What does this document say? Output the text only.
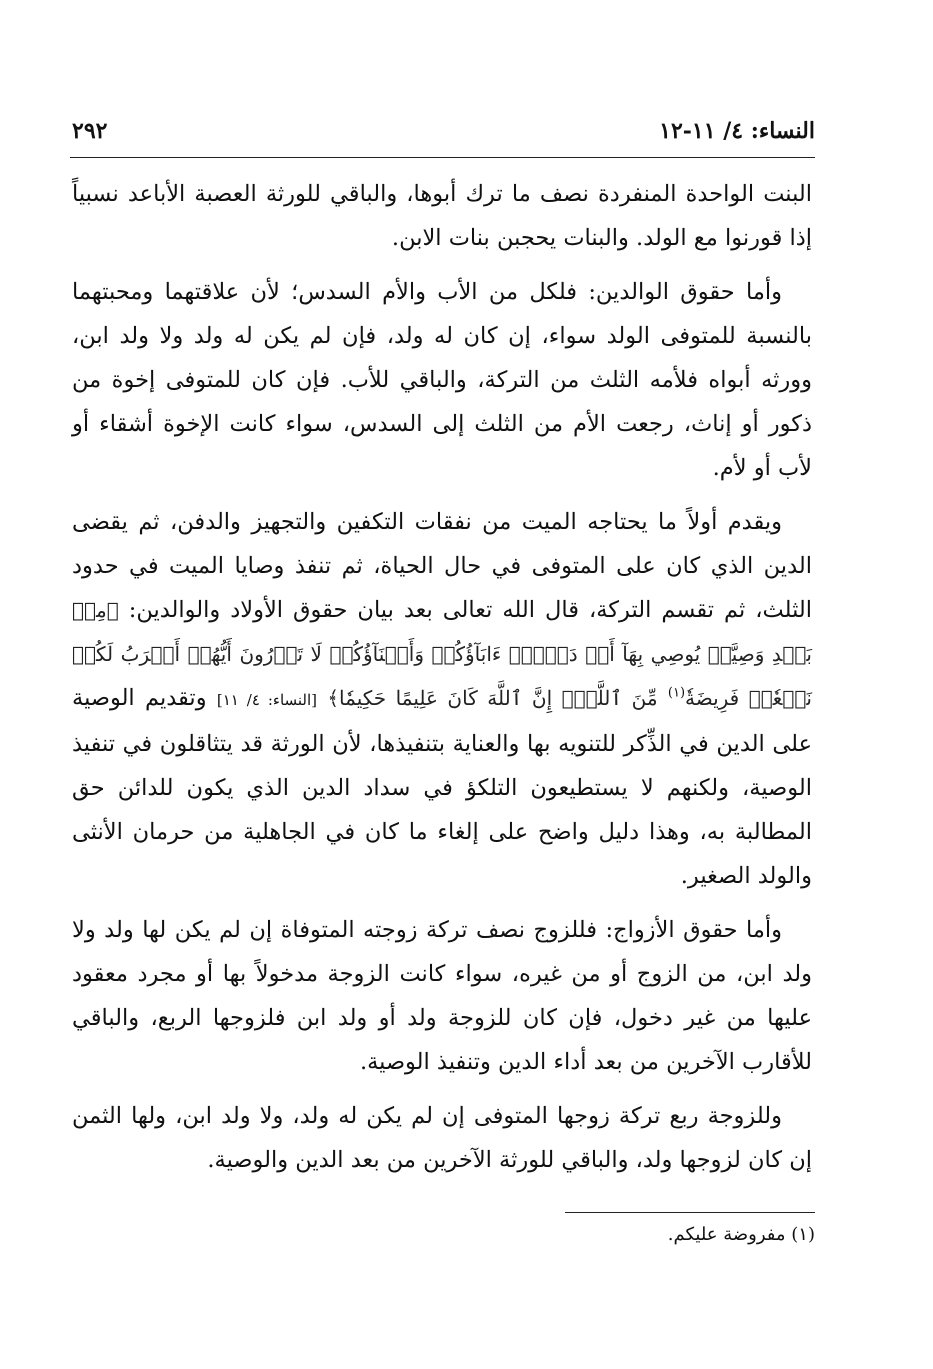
النساء: ٤/ ١١-١٢
٢٩٢

البنت الواحدة المنفردة نصف ما ترك أبوها، والباقي للورثة العصبة الأباعد نسبياً إذا قورنوا مع الولد. والبنات يحجبن بنات الابن.

وأما حقوق الوالدين: فلكل من الأب والأم السدس؛ لأن علاقتهما ومحبتهما بالنسبة للمتوفى الولد سواء، إن كان له ولد، فإن لم يكن له ولد ولا ولد ابن، وورثه أبواه فلأمه الثلث من التركة، والباقي للأب. فإن كان للمتوفى إخوة من ذكور أو إناث، رجعت الأم من الثلث إلى السدس، سواء كانت الإخوة أشقاء أو لأب أو لأم.

ويقدم أولاً ما يحتاجه الميت من نفقات التكفين والتجهيز والدفن، ثم يقضى الدين الذي كان على المتوفى في حال الحياة، ثم تنفذ وصايا الميت في حدود الثلث، ثم تقسم التركة، قال الله تعالى بعد بيان حقوق الأولاد والوالدين: ﴿مِنۢ بَعۡدِ وَصِيَّةٖ يُوصِي بِهَآ أَوۡ دَيۡنٍۗ ءَابَآؤُكُمۡ وَأَبۡنَآؤُكُمۡ لَا تَدۡرُونَ أَيُّهُمۡ أَقۡرَبُ لَكُمۡ نَفۡعٗاۚ فَرِيضَةٗ$^{(١)}$ مِّنَ ٱللَّهِۗ إِنَّ ٱللَّهَ كَانَ عَلِيمًا حَكِيمٗا﴾ [النساء: ٤/ ١١] وتقديم الوصية على الدين في الذِّكر للتنويه بها والعناية بتنفيذها، لأن الورثة قد يتثاقلون في تنفيذ الوصية، ولكنهم لا يستطيعون التلكؤ في سداد الدين الذي يكون للدائن حق المطالبة به، وهذا دليل واضح على إلغاء ما كان في الجاهلية من حرمان الأنثى والولد الصغير.

وأما حقوق الأزواج: فللزوج نصف تركة زوجته المتوفاة إن لم يكن لها ولد ولا ولد ابن، من الزوج أو من غيره، سواء كانت الزوجة مدخولاً بها أو مجرد معقود عليها من غير دخول، فإن كان للزوجة ولد أو ولد ابن فلزوجها الربع، والباقي للأقارب الآخرين من بعد أداء الدين وتنفيذ الوصية.

وللزوجة ربع تركة زوجها المتوفى إن لم يكن له ولد، ولا ولد ابن، ولها الثمن إن كان لزوجها ولد، والباقي للورثة الآخرين من بعد الدين والوصية.

(١) مفروضة عليكم.
